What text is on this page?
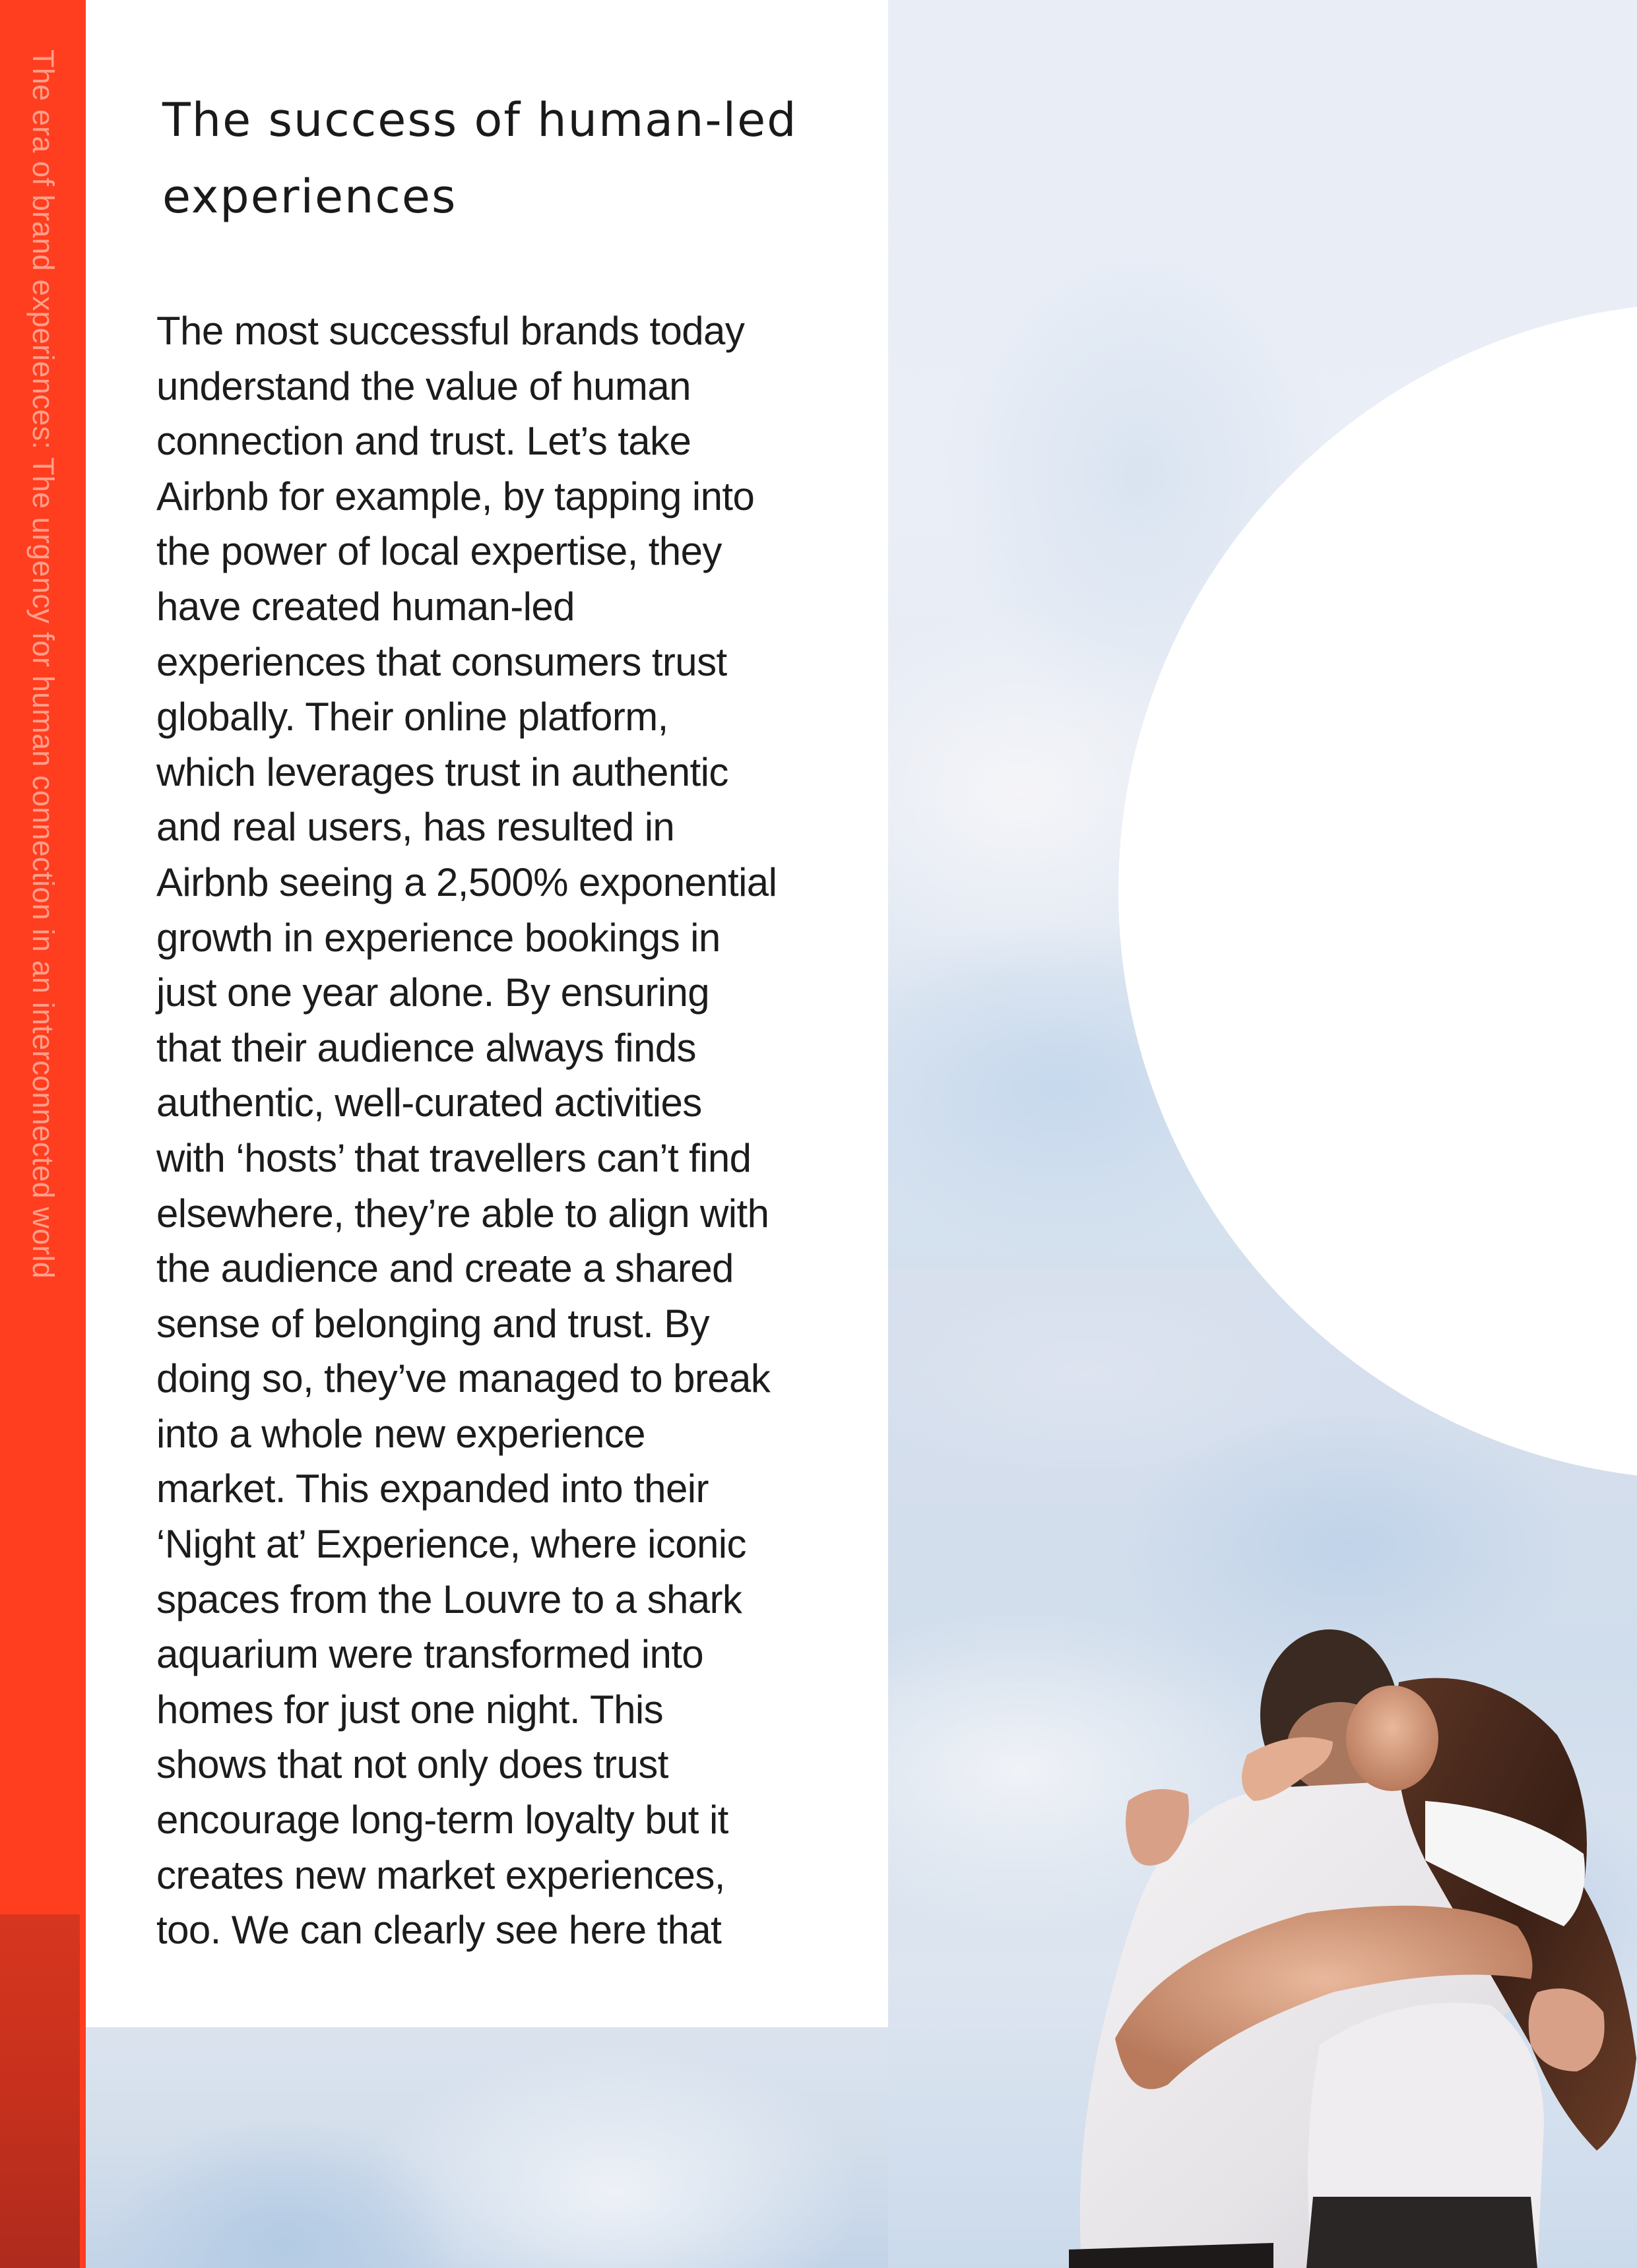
The era of brand experiences: The urgency for human connection in an interconnected world The success of human-led
experiences

The most successful brands today
understand the value of human
connection and trust. Let’s take
Airbnb for example, by tapping into
the power of local expertise, they
have created human-led
experiences that consumers trust
globally. Their online platform,
which leverages trust in authentic
and real users, has resulted in
Airbnb seeing a 2,500% exponential
growth in experience bookings in
just one year alone. By ensuring
that their audience always finds
authentic, well-curated activities
with ‘hosts’ that travellers can’t find
elsewhere, they’re able to align with
the audience and create a shared
sense of belonging and trust. By
doing so, they’ve managed to break
into a whole new experience
market. This expanded into their
‘Night at’ Experience, where iconic
spaces from the Louvre to a shark
aquarium were transformed into
homes for just one night. This
shows that not only does trust
encourage long-term loyalty but it
creates new market experiences,
too. We can clearly see here that
